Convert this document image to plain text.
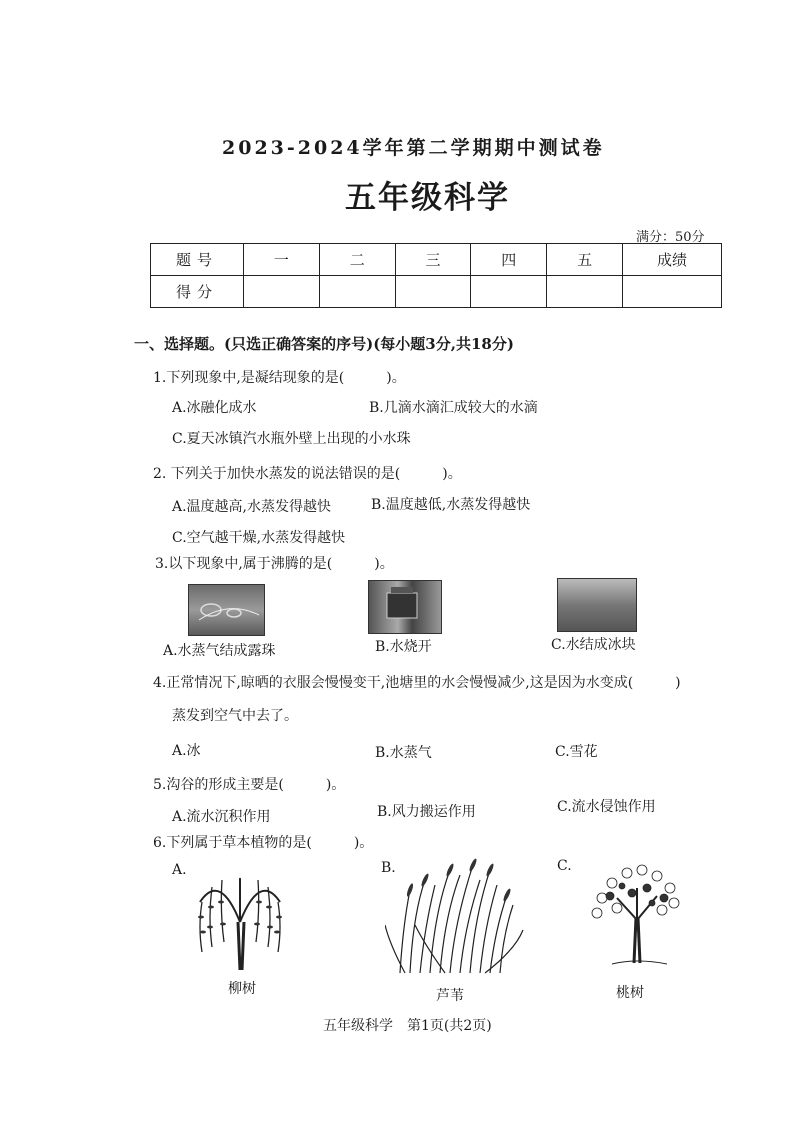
2023-2024学年第二学期期中测试卷
五年级科学
满分：50分
题号	一	二	三	四	五	成绩
得分						
一、选择题。(只选正确答案的序号)(每小题3分,共18分)
1.下列现象中,是凝结现象的是(　　　)。
A.冰融化成水	B.几滴水滴汇成较大的水滴
C.夏天冰镇汽水瓶外壁上出现的小水珠
2. 下列关于加快水蒸发的说法错误的是(　　　)。
A.温度越高,水蒸发得越快	B.温度越低,水蒸发得越快
C.空气越干燥,水蒸发得越快
3.以下现象中,属于沸腾的是(　　　)。
A.水蒸气结成露珠	B.水烧开	C.水结成冰块
4.正常情况下,晾晒的衣服会慢慢变干,池塘里的水会慢慢减少,这是因为水变成(　　　)
蒸发到空气中去了。
A.冰	B.水蒸气	C.雪花
5.沟谷的形成主要是(　　　)。
A.流水沉积作用	B.风力搬运作用	C.流水侵蚀作用
6.下列属于草本植物的是(　　　)。
A.	B.	C.
柳树	芦苇	桃树
五年级科学　第1页(共2页)
